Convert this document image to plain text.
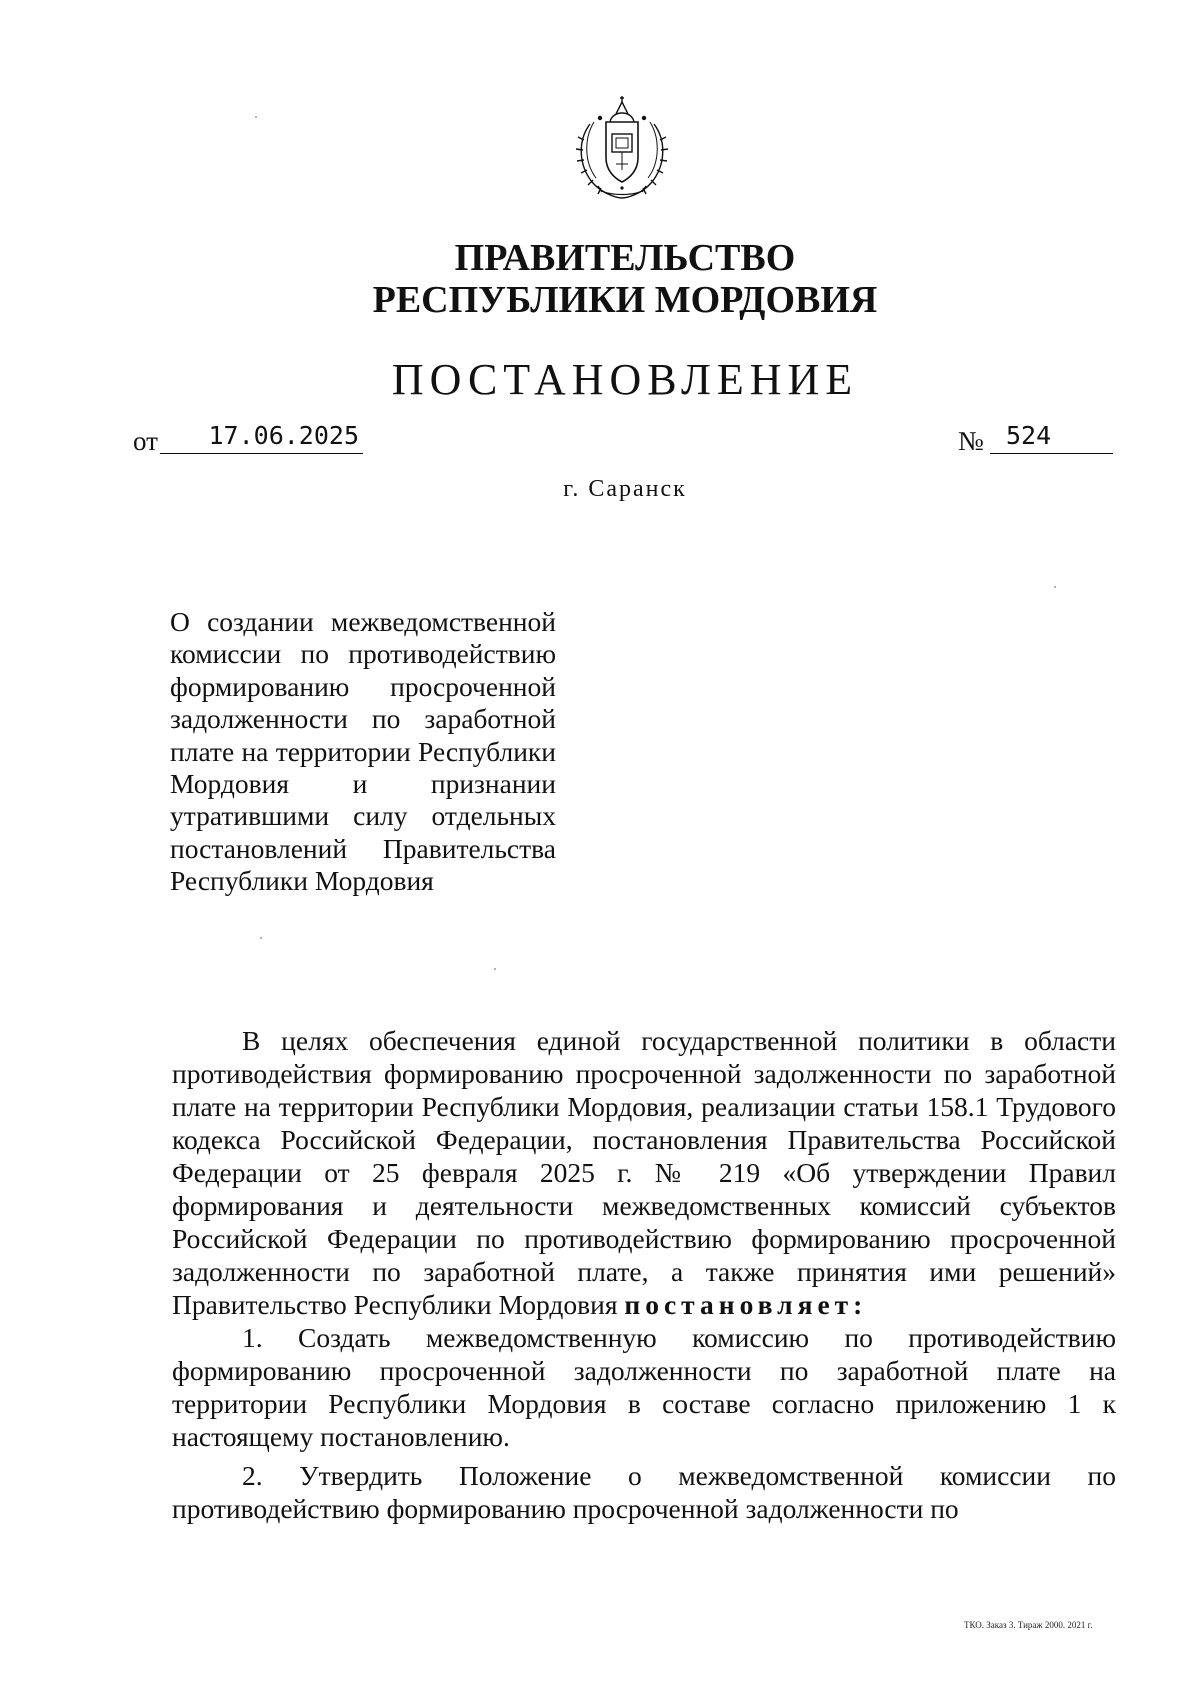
ПРАВИТЕЛЬСТВО
РЕСПУБЛИКИ МОРДОВИЯ
ПОСТАНОВЛЕНИЕ
от	17.06.2025	№ 524
г. Саранск
О создании межведомственной комиссии по противодействию формированию просроченной задолженности по заработной плате на территории Республики Мордовия и признании утратившими силу отдельных постановлений Правительства Республики Мордовия

В целях обеспечения единой государственной политики в области противодействия формированию просроченной задолженности по заработной плате на территории Республики Мордовия, реализации статьи 158.1 Трудового кодекса Российской Федерации, постановления Правительства Российской Федерации от 25 февраля 2025 г. № 219 «Об утверждении Правил формирования и деятельности межведомственных комиссий субъектов Российской Федерации по противодействию формированию просроченной задолженности по заработной плате, а также принятия ими решений» Правительство Республики Мордовия постановляет:

1. Создать межведомственную комиссию по противодействию формированию просроченной задолженности по заработной плате на территории Республики Мордовия в составе согласно приложению 1 к настоящему постановлению.

2. Утвердить Положение о межведомственной комиссии по противодействию формированию просроченной задолженности по

ТКО. Заказ 3. Тираж 2000. 2021 г.
